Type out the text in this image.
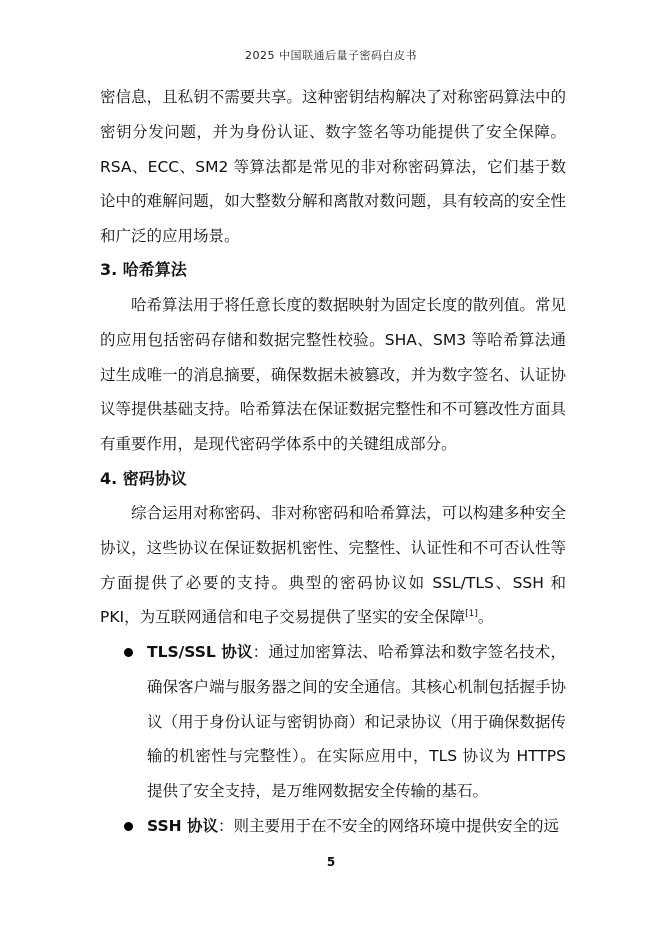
2025 中国联通后量子密码白皮书

密信息，且私钥不需要共享。这种密钥结构解决了对称密码算法中的密钥分发问题，并为身份认证、数字签名等功能提供了安全保障。RSA、ECC、SM2 等算法都是常见的非对称密码算法，它们基于数论中的难解问题，如大整数分解和离散对数问题，具有较高的安全性和广泛的应用场景。

3. 哈希算法

哈希算法用于将任意长度的数据映射为固定长度的散列值。常见的应用包括密码存储和数据完整性校验。SHA、SM3 等哈希算法通过生成唯一的消息摘要，确保数据未被篡改，并为数字签名、认证协议等提供基础支持。哈希算法在保证数据完整性和不可篡改性方面具有重要作用，是现代密码学体系中的关键组成部分。

4. 密码协议

综合运用对称密码、非对称密码和哈希算法，可以构建多种安全协议，这些协议在保证数据机密性、完整性、认证性和不可否认性等方面提供了必要的支持。典型的密码协议如 SSL/TLS、SSH 和 PKI，为互联网通信和电子交易提供了坚实的安全保障[1]。

TLS/SSL 协议：通过加密算法、哈希算法和数字签名技术，确保客户端与服务器之间的安全通信。其核心机制包括握手协议（用于身份认证与密钥协商）和记录协议（用于确保数据传输的机密性与完整性）。在实际应用中，TLS 协议为 HTTPS 提供了安全支持，是万维网数据安全传输的基石。

SSH 协议：则主要用于在不安全的网络环境中提供安全的远

5
